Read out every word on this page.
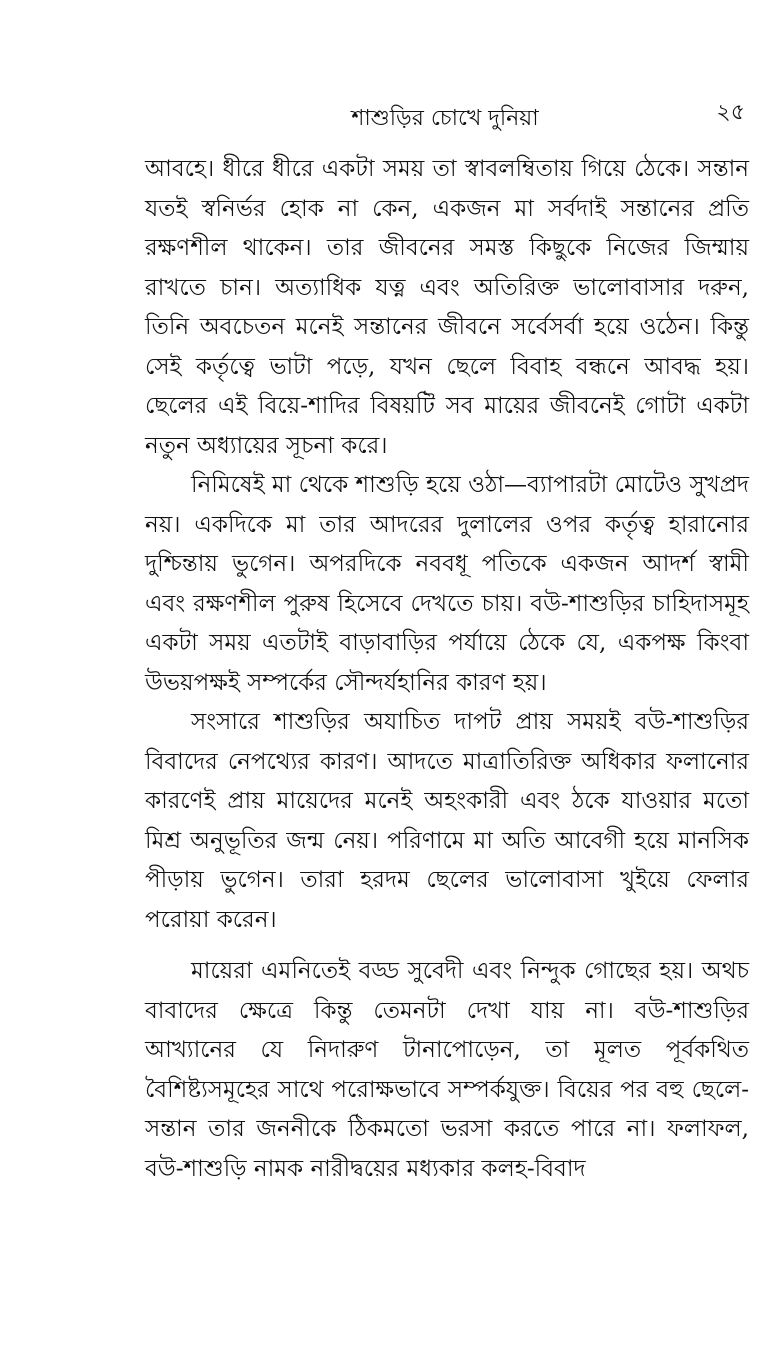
শাশুড়ির চোখে দুনিয়া	২৫

আবহে। ধীরে ধীরে একটা সময় তা স্বাবলম্বিতায় গিয়ে ঠেকে। সন্তান যতই স্বনির্ভর হোক না কেন, একজন মা সর্বদাই সন্তানের প্রতি রক্ষণশীল থাকেন। তার জীবনের সমস্ত কিছুকে নিজের জিম্মায় রাখতে চান। অত্যাধিক যত্ন এবং অতিরিক্ত ভালোবাসার দরুন, তিনি অবচেতন মনেই সন্তানের জীবনে সর্বেসর্বা হয়ে ওঠেন। কিন্তু সেই কর্তৃত্বে ভাটা পড়ে, যখন ছেলে বিবাহ বন্ধনে আবদ্ধ হয়। ছেলের এই বিয়ে-শাদির বিষয়টি সব মায়ের জীবনেই গোটা একটা নতুন অধ্যায়ের সূচনা করে।

নিমিষেই মা থেকে শাশুড়ি হয়ে ওঠা—ব্যাপারটা মোটেও সুখপ্রদ নয়। একদিকে মা তার আদরের দুলালের ওপর কর্তৃত্ব হারানোর দুশ্চিন্তায় ভুগেন। অপরদিকে নববধূ পতিকে একজন আদর্শ স্বামী এবং রক্ষণশীল পুরুষ হিসেবে দেখতে চায়। বউ-শাশুড়ির চাহিদাসমূহ একটা সময় এতটাই বাড়াবাড়ির পর্যায়ে ঠেকে যে, একপক্ষ কিংবা উভয়পক্ষই সম্পর্কের সৌন্দর্যহানির কারণ হয়।

সংসারে শাশুড়ির অযাচিত দাপট প্রায় সময়ই বউ-শাশুড়ির বিবাদের নেপথ্যের কারণ। আদতে মাত্রাতিরিক্ত অধিকার ফলানোর কারণেই প্রায় মায়েদের মনেই অহংকারী এবং ঠকে যাওয়ার মতো মিশ্র অনুভূতির জন্ম নেয়। পরিণামে মা অতি আবেগী হয়ে মানসিক পীড়ায় ভুগেন। তারা হরদম ছেলের ভালোবাসা খুইয়ে ফেলার পরোয়া করেন।

মায়েরা এমনিতেই বড্ড সুবেদী এবং নিন্দুক গোছের হয়। অথচ বাবাদের ক্ষেত্রে কিন্তু তেমনটা দেখা যায় না। বউ-শাশুড়ির আখ্যানের যে নিদারুণ টানাপোড়েন, তা মূলত পূর্বকথিত বৈশিষ্ট্যসমূহের সাথে পরোক্ষভাবে সম্পর্কযুক্ত। বিয়ের পর বহু ছেলে-সন্তান তার জননীকে ঠিকমতো ভরসা করতে পারে না। ফলাফল, বউ-শাশুড়ি নামক নারীদ্বয়ের মধ্যকার কলহ-বিবাদ
